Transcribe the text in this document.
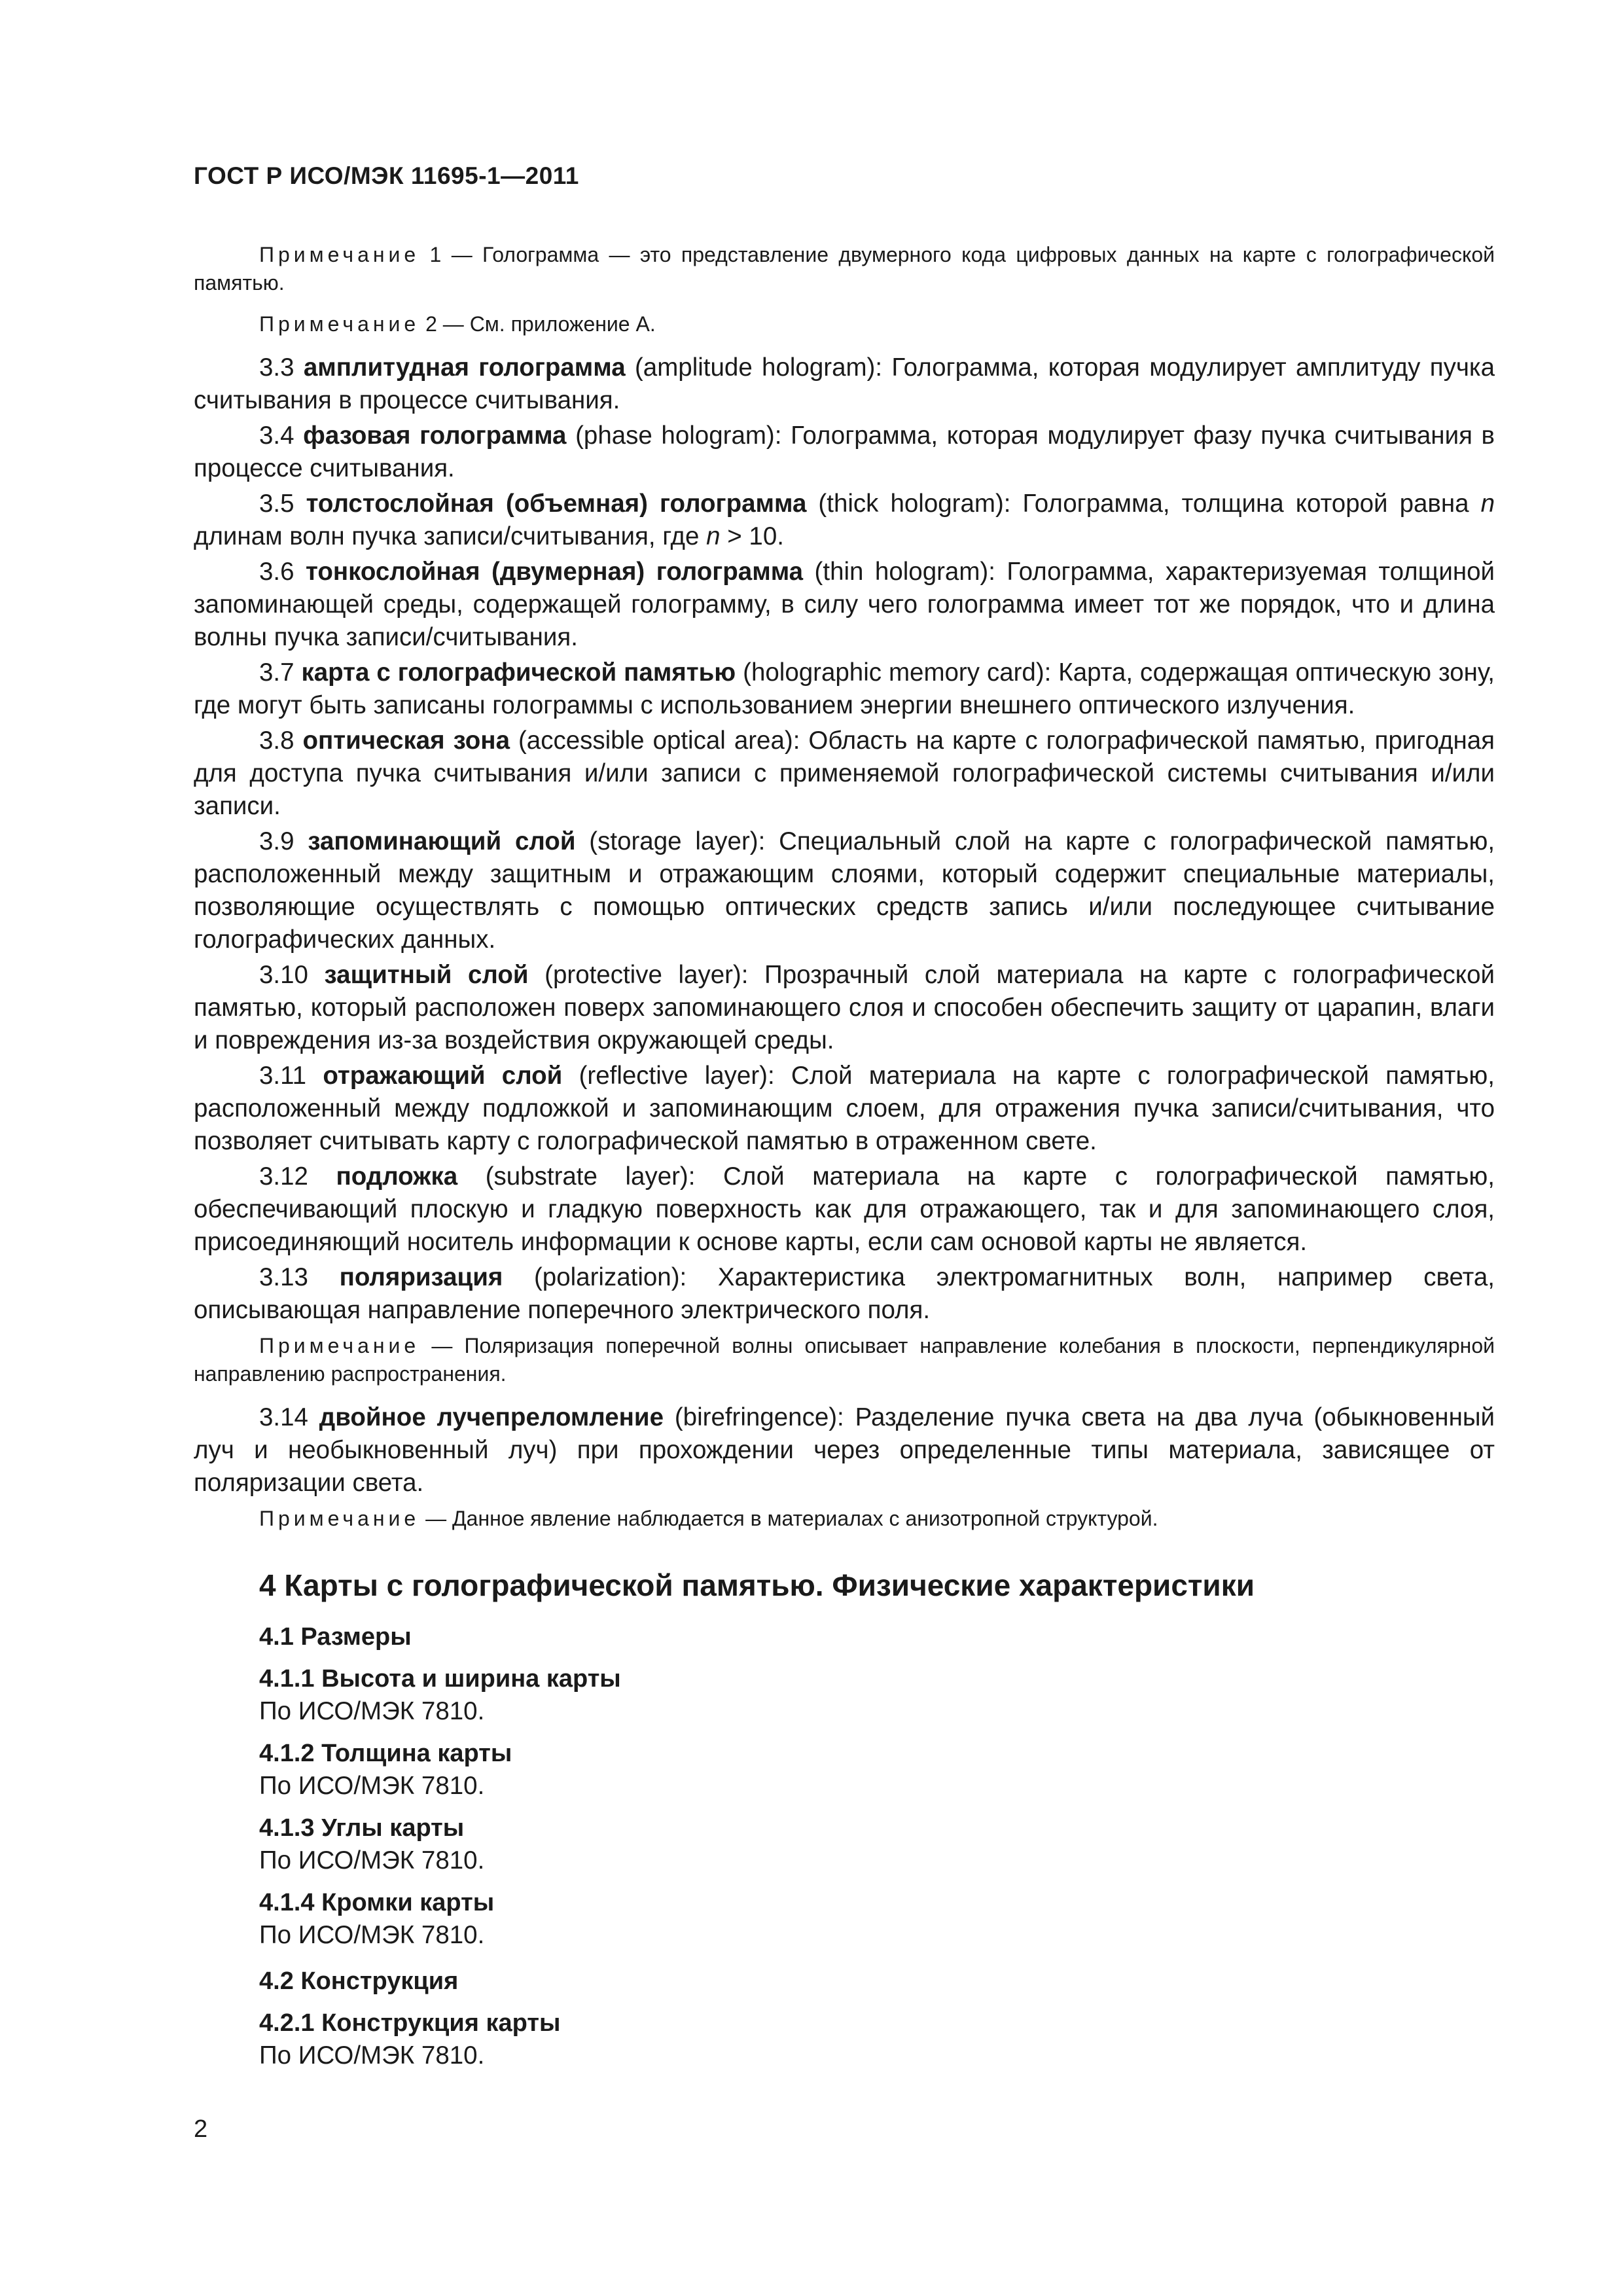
ГОСТ Р ИСО/МЭК 11695-1—2011

Примечание 1 — Голограмма — это представление двумерного кода цифровых данных на карте с голографической памятью.

Примечание 2 — См. приложение А.

3.3 амплитудная голограмма (amplitude hologram): Голограмма, которая модулирует амплитуду пучка считывания в процессе считывания.

3.4 фазовая голограмма (phase hologram): Голограмма, которая модулирует фазу пучка считывания в процессе считывания.

3.5 толстослойная (объемная) голограмма (thick hologram): Голограмма, толщина которой равна n длинам волн пучка записи/считывания, где n > 10.

3.6 тонкослойная (двумерная) голограмма (thin hologram): Голограмма, характеризуемая толщиной запоминающей среды, содержащей голограмму, в силу чего голограмма имеет тот же порядок, что и длина волны пучка записи/считывания.

3.7 карта с голографической памятью (holographic memory card): Карта, содержащая оптическую зону, где могут быть записаны голограммы с использованием энергии внешнего оптического излучения.

3.8 оптическая зона (accessible optical area): Область на карте с голографической памятью, пригодная для доступа пучка считывания и/или записи с применяемой голографической системы считывания и/или записи.

3.9 запоминающий слой (storage layer): Специальный слой на карте с голографической памятью, расположенный между защитным и отражающим слоями, который содержит специальные материалы, позволяющие осуществлять с помощью оптических средств запись и/или последующее считывание голографических данных.

3.10 защитный слой (protective layer): Прозрачный слой материала на карте с голографической памятью, который расположен поверх запоминающего слоя и способен обеспечить защиту от царапин, влаги и повреждения из-за воздействия окружающей среды.

3.11 отражающий слой (reflective layer): Слой материала на карте с голографической памятью, расположенный между подложкой и запоминающим слоем, для отражения пучка записи/считывания, что позволяет считывать карту с голографической памятью в отраженном свете.

3.12 подложка (substrate layer): Слой материала на карте с голографической памятью, обеспечивающий плоскую и гладкую поверхность как для отражающего, так и для запоминающего слоя, присоединяющий носитель информации к основе карты, если сам основой карты не является.

3.13 поляризация (polarization): Характеристика электромагнитных волн, например света, описывающая направление поперечного электрического поля.

Примечание — Поляризация поперечной волны описывает направление колебания в плоскости, перпендикулярной направлению распространения.

3.14 двойное лучепреломление (birefringence): Разделение пучка света на два луча (обыкновенный луч и необыкновенный луч) при прохождении через определенные типы материала, зависящее от поляризации света.

Примечание — Данное явление наблюдается в материалах с анизотропной структурой.

4 Карты с голографической памятью. Физические характеристики
4.1 Размеры
4.1.1 Высота и ширина карты
По ИСО/МЭК 7810.
4.1.2 Толщина карты
По ИСО/МЭК 7810.
4.1.3 Углы карты
По ИСО/МЭК 7810.
4.1.4 Кромки карты
По ИСО/МЭК 7810.
4.2 Конструкция
4.2.1 Конструкция карты
По ИСО/МЭК 7810.
2
